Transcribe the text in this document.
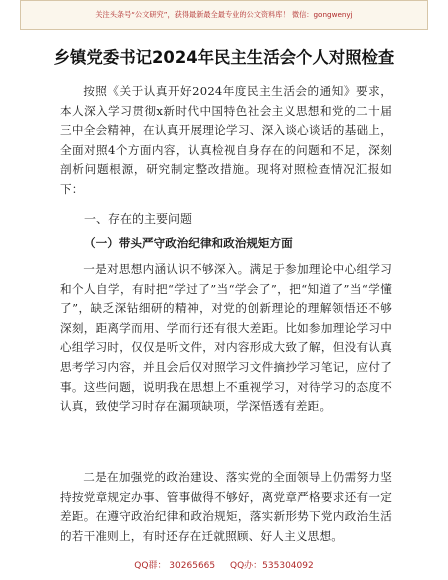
关注头条号“公文研究”，获得最新最全最专业的公文资料库！ 微信：gongwenyj
乡镇党委书记2024年民主生活会个人对照检查
按照《关于认真开好2024年度民主生活会的通知》要求，本人深入学习贯彻x新时代中国特色社会主义思想和党的二十届三中全会精神，在认真开展理论学习、深入谈心谈话的基础上，全面对照4个方面内容，认真检视自身存在的问题和不足，深刻剖析问题根源，研究制定整改措施。现将对照检查情况汇报如下：
一、存在的主要问题
（一）带头严守政治纪律和政治规矩方面
一是对思想内涵认识不够深入。满足于参加理论中心组学习和个人自学，有时把“学过了”当“学会了”，把“知道了”当“学懂了”，缺乏深钻细研的精神，对党的创新理论的理解领悟还不够深刻，距离学而用、学而行还有很大差距。比如参加理论学习中心组学习时，仅仅是听文件，对内容形成大致了解，但没有认真思考学习内容，并且会后仅对照学习文件摘抄学习笔记，应付了事。这些问题，说明我在思想上不重视学习，对待学习的态度不认真，致使学习时存在漏项缺项，学深悟透有差距。
二是在加强党的政治建设、落实党的全面领导上仍需努力坚持按党章规定办事、管事做得不够好，离党章严格要求还有一定差距。在遵守政治纪律和政治规矩，落实新形势下党内政治生活的若干准则上，有时还存在迁就照顾、好人主义思想。
QQ群： 30265665 QQ办：535304092
